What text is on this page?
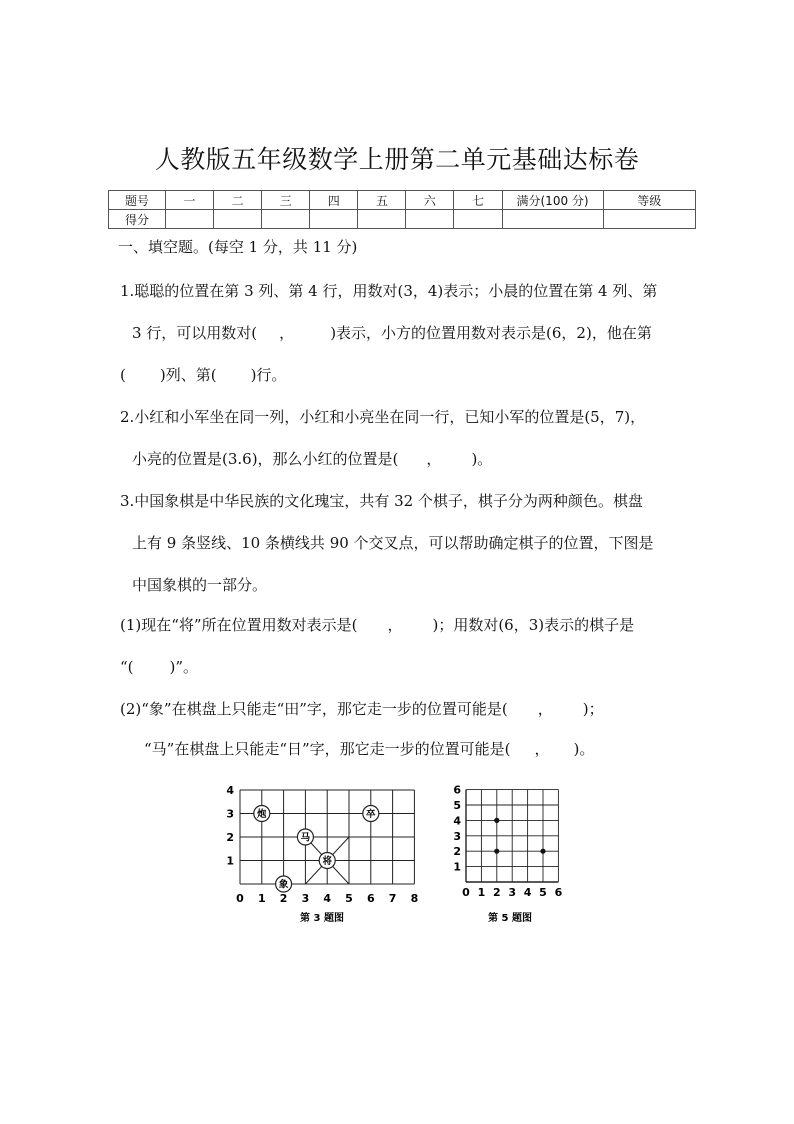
人教版五年级数学上册第二单元基础达标卷
题号	一	二	三	四	五	六	七	满分(100 分)	等级
得分									
一、填空题。(每空 1 分，共 11 分)
1.聪聪的位置在第 3 列、第 4 行，用数对(3，4)表示；小晨的位置在第 4 列、第
3 行，可以用数对( ， )表示，小方的位置用数对表示是(6，2)，他在第
( )列、第( )行。
2.小红和小军坐在同一列，小红和小亮坐在同一行，已知小军的位置是(5，7)，
小亮的位置是(3.6)，那么小红的位置是( ， )。
3.中国象棋是中华民族的文化瑰宝，共有 32 个棋子，棋子分为两种颜色。棋盘
上有 9 条竖线、10 条横线共 90 个交叉点，可以帮助确定棋子的位置，下图是
中国象棋的一部分。
(1)现在“将”所在位置用数对表示是( ， )；用数对(6，3)表示的棋子是
“( )”。
(2)“象”在棋盘上只能走“田”字，那它走一步的位置可能是( ， )；
“马”在棋盘上只能走“日”字，那它走一步的位置可能是( ， )。
0 1 2 3 4 5 6 7 8
1
2
3
4
炮	卒
马
将
象
第 3 题图
0 1 2 3 4 5 6
1
2
3
4
5
6
第 5 题图
